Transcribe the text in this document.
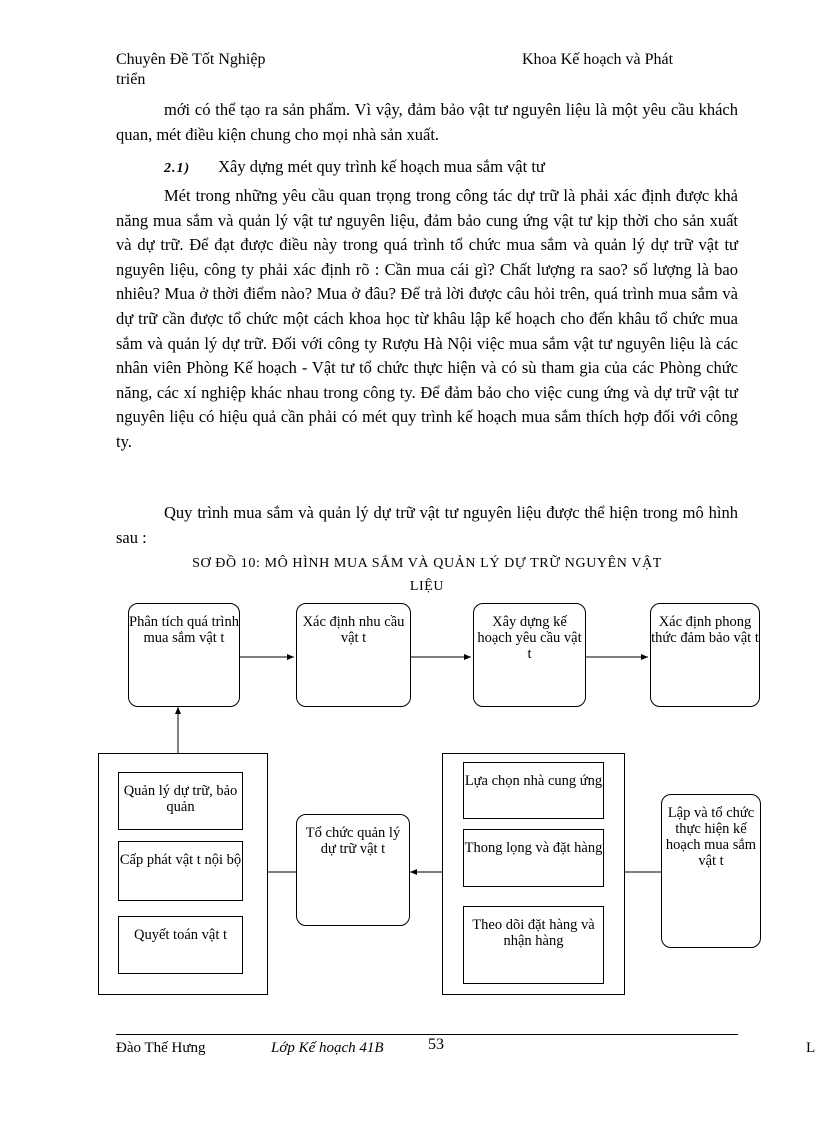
Chuyên Đề Tốt Nghiệp
triển
Khoa Kế hoạch và Phát

mới có thể tạo ra sản phẩm. Vì vậy, đảm bảo vật tư nguyên liệu là một yêu cầu khách quan, mét điều kiện chung cho mọi nhà sản xuất.

2.1) Xây dựng mét quy trình kế hoạch mua sắm vật tư

Mét trong những yêu cầu quan trọng trong công tác dự trữ là phải xác định được khả năng mua sắm và quản lý vật tư nguyên liệu, đảm bảo cung ứng vật tư kịp thời cho sản xuất và dự trữ. Để đạt được điều này trong quá trình tổ chức mua sắm và quản lý dự trữ vật tư nguyên liệu, công ty phải xác định rõ : Cần mua cái gì? Chất lượng ra sao? số lượng là bao nhiêu? Mua ở thời điểm nào? Mua ở đâu? Để trả lời được câu hỏi trên, quá trình mua sắm và dự trữ cần được tổ chức một cách khoa học từ khâu lập kế hoạch cho đến khâu tổ chức mua sắm và quản lý dự trữ. Đối với công ty Rượu Hà Nội việc mua sắm vật tư nguyên liệu là các nhân viên Phòng Kế hoạch - Vật tư tổ chức thực hiện và có sù tham gia của các Phòng chức năng, các xí nghiệp khác nhau trong công ty. Để đảm bảo cho việc cung ứng và dự trữ vật tư nguyên liệu có hiệu quả cần phải có mét quy trình kế hoạch mua sắm thích hợp đối với công ty.

Quy trình mua sắm và quản lý dự trữ vật tư nguyên liệu được thể hiện trong mô hình sau :

SƠ ĐỒ 10: MÔ HÌNH MUA SẮM VÀ QUẢN LÝ DỰ TRỮ NGUYÊN VẬT
LIỆU
Phân tích quá trình mua sắm vật t
Xác định nhu cầu vật t
Xây dựng kế hoạch yêu cầu vật t
Xác định phong thức đảm bảo vật t
Quản lý dự trữ, bảo quản
Cấp phát vật t nội bộ
Quyết toán vật t
Tổ chức quản lý dự trữ vật t
Lựa chọn nhà cung ứng
Thong lọng và đặt hàng
Theo dõi đặt hàng và nhận hàng
Lập và tổ chức thực hiện kế hoạch mua sắm vật t
Đào Thế Hưng	Lớp Kế hoạch 41B	53	L
